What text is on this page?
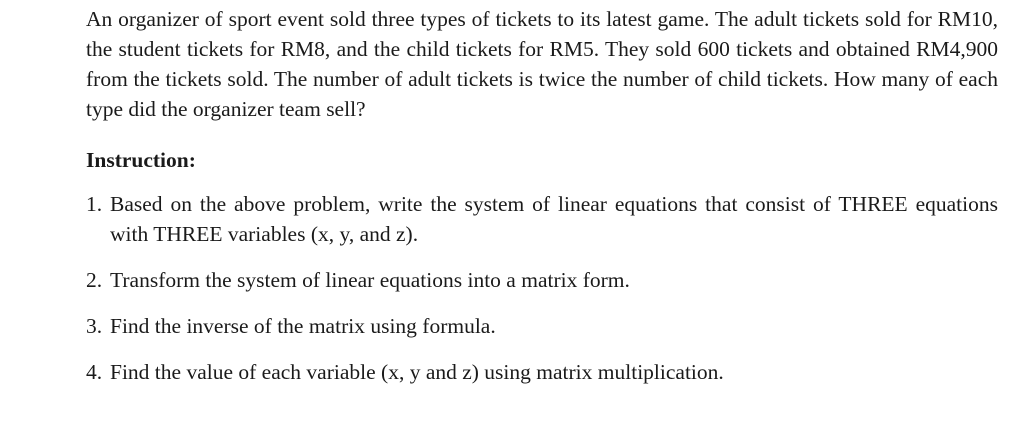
An organizer of sport event sold three types of tickets to its latest game. The adult tickets sold for RM10, the student tickets for RM8, and the child tickets for RM5. They sold 600 tickets and obtained RM4,900 from the tickets sold. The number of adult tickets is twice the number of child tickets. How many of each type did the organizer team sell?

Instruction:
1. Based on the above problem, write the system of linear equations that consist of THREE equations with THREE variables (x, y, and z).
2. Transform the system of linear equations into a matrix form.
3. Find the inverse of the matrix using formula.
4. Find the value of each variable (x, y and z) using matrix multiplication.
